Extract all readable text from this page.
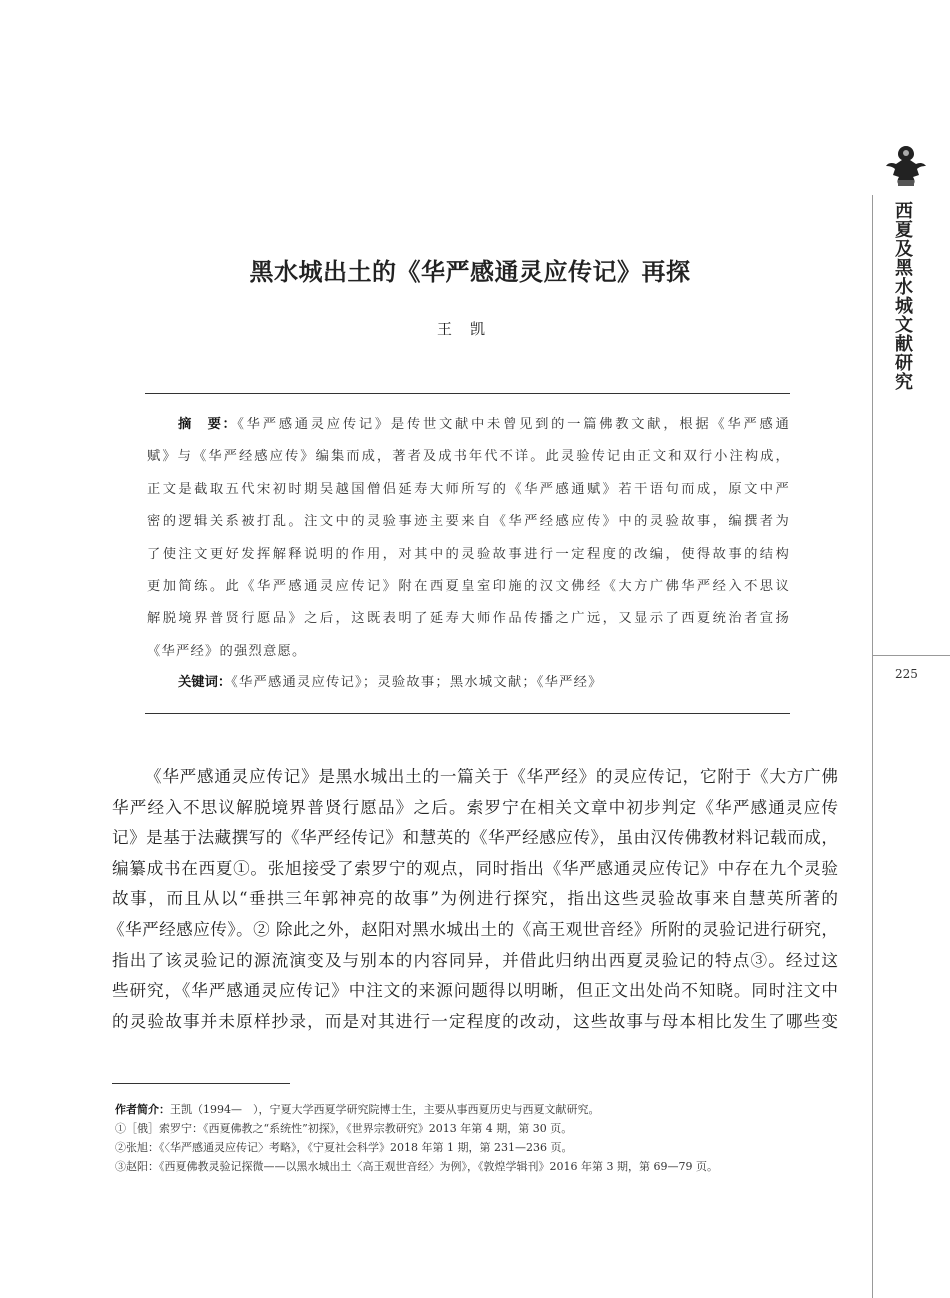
西夏及黑水城文献研究
225
黑水城出土的《华严感通灵应传记》再探
王凯
摘　要：《华严感通灵应传记》是传世文献中未曾见到的一篇佛教文献，根据《华严感通
赋》与《华严经感应传》编集而成，著者及成书年代不详。此灵验传记由正文和双行小注构成，
正文是截取五代宋初时期吴越国僧侣延寿大师所写的《华严感通赋》若干语句而成，原文中严
密的逻辑关系被打乱。注文中的灵验事迹主要来自《华严经感应传》中的灵验故事，编撰者为
了使注文更好发挥解释说明的作用，对其中的灵验故事进行一定程度的改编，使得故事的结构
更加简练。此《华严感通灵应传记》附在西夏皇室印施的汉文佛经《大方广佛华严经入不思议
解脱境界普贤行愿品》之后，这既表明了延寿大师作品传播之广远，又显示了西夏统治者宣扬
《华严经》的强烈意愿。
关键词：《华严感通灵应传记》；灵验故事；黑水城文献；《华严经》
《华严感通灵应传记》是黑水城出土的一篇关于《华严经》的灵应传记，它附于《大方广佛
华严经入不思议解脱境界普贤行愿品》之后。索罗宁在相关文章中初步判定《华严感通灵应传
记》是基于法藏撰写的《华严经传记》和慧英的《华严经感应传》，虽由汉传佛教材料记载而成，
编纂成书在西夏①。张旭接受了索罗宁的观点，同时指出《华严感通灵应传记》中存在九个灵验
故事，而且从以“垂拱三年郭神亮的故事”为例进行探究，指出这些灵验故事来自慧英所著的
《华严经感应传》。② 除此之外，赵阳对黑水城出土的《高王观世音经》所附的灵验记进行研究，
指出了该灵验记的源流演变及与别本的内容同异，并借此归纳出西夏灵验记的特点③。经过这
些研究，《华严感通灵应传记》中注文的来源问题得以明晰，但正文出处尚不知晓。同时注文中
的灵验故事并未原样抄录，而是对其进行一定程度的改动，这些故事与母本相比发生了哪些变
作者简介：王凯（1994—　），宁夏大学西夏学研究院博士生，主要从事西夏历史与西夏文献研究。
①［俄］索罗宁：《西夏佛教之“系统性”初探》，《世界宗教研究》2013 年第 4 期，第 30 页。
②张旭：《〈华严感通灵应传记〉考略》，《宁夏社会科学》2018 年第 1 期，第 231—236 页。
③赵阳：《西夏佛教灵验记探微——以黑水城出土〈高王观世音经〉为例》，《敦煌学辑刊》2016 年第 3 期，第 69—79 页。
